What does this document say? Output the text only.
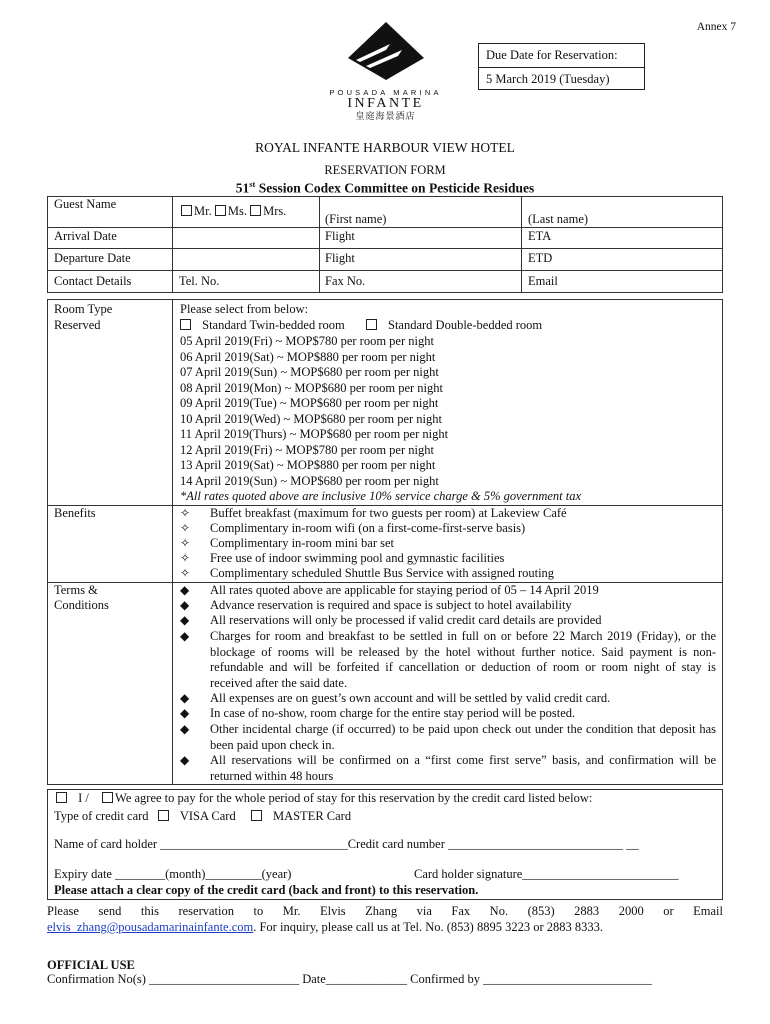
Annex 7
POUSADA MARINA
INFANTE
皇庭海景酒店
Due Date for Reservation:
5 March 2019 (Tuesday)
ROYAL INFANTE HARBOUR VIEW HOTEL
RESERVATION FORM
51st Session Codex Committee on Pesticide Residues
Guest Name	Mr. Ms. Mrs.
(First name)	(Last name)
Arrival Date	Flight	ETA
Departure Date	Flight	ETD
Contact Details	Tel. No.	Fax No.	Email
Room Type
Reserved
Please select from below:
Standard Twin-bedded room	Standard Double-bedded room
05 April 2019(Fri) ~ MOP$780 per room per night
06 April 2019(Sat) ~ MOP$880 per room per night
07 April 2019(Sun) ~ MOP$680 per room per night
08 April 2019(Mon) ~ MOP$680 per room per night
09 April 2019(Tue) ~ MOP$680 per room per night
10 April 2019(Wed) ~ MOP$680 per room per night
11 April 2019(Thurs) ~ MOP$680 per room per night
12 April 2019(Fri) ~ MOP$780 per room per night
13 April 2019(Sat) ~ MOP$880 per room per night
14 April 2019(Sun) ~ MOP$680 per room per night
*All rates quoted above are inclusive 10% service charge & 5% government tax
Benefits	✧ Buffet breakfast (maximum for two guests per room) at Lakeview Café
✧ Complimentary in-room wifi (on a first-come-first-serve basis)
✧ Complimentary in-room mini bar set
✧ Free use of indoor swimming pool and gymnastic facilities
✧ Complimentary scheduled Shuttle Bus Service with assigned routing
Terms &
Conditions
◆	All rates quoted above are applicable for staying period of 05 – 14 April 2019
◆	Advance reservation is required and space is subject to hotel availability
◆	All reservations will only be processed if valid credit card details are provided
◆	Charges for room and breakfast to be settled in full on or before 22 March 2019 (Friday), or the blockage of rooms will be released by the hotel without further notice. Said payment is non-refundable and will be forfeited if cancellation or deduction of room or room night of stay is received after the said date.
◆	All expenses are on guest’s own account and will be settled by valid credit card.
◆	In case of no-show, room charge for the entire stay period will be posted.
◆	Other incidental charge (if occurred) to be paid upon check out under the condition that deposit has been paid upon check in.
◆	All reservations will be confirmed on a “first come first serve” basis, and confirmation will be returned within 48 hours
I / We agree to pay for the whole period of stay for this reservation by the credit card listed below:
Type of credit card	VISA Card	MASTER Card
Name of card holder ______________________________Credit card number ____________________________ __
Expiry date ________(month)_________(year)	Card holder signature_________________________
Please attach a clear copy of the credit card (back and front) to this reservation.
Please send this reservation to Mr. Elvis Zhang via Fax No. (853) 2883 2000 or Email
elvis_zhang@pousadamarinainfante.com. For inquiry, please call us at Tel. No. (853) 8895 3223 or 2883 8333.
OFFICIAL USE
Confirmation No(s) ________________________ Date_____________ Confirmed by ___________________________
